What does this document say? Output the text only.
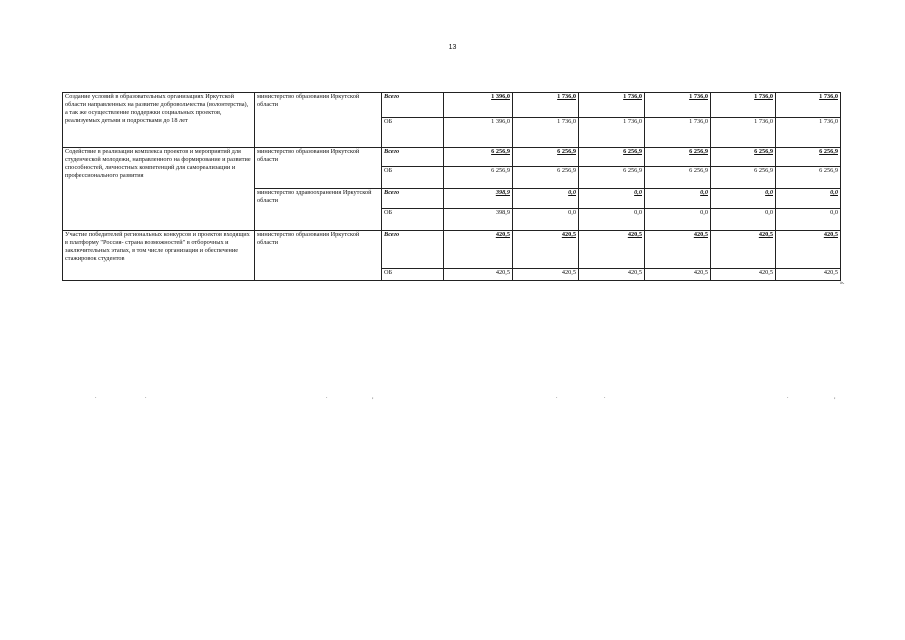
13
Создание условий в образовательных организациях Иркутской области направленных на развитие добровольчества (волонтерства), а так же осуществление поддержки социальных проектов, реализуемых детьми и подростками до 18 лет	министерство образования Иркутской области	Всего	1 396,0	1 736,0	1 736,0	1 736,0	1 736,0	1 736,0
		ОБ	1 396,0	1 736,0	1 736,0	1 736,0	1 736,0	1 736,0
Содействие в реализации комплекса проектов и мероприятий для студенческой молодежи, направленного на формирование и развитие способностей, личностных компетенций для самореализации и профессионального развития	министерство образования Иркутской области	Всего	6 256,9	6 256,9	6 256,9	6 256,9	6 256,9	6 256,9
		ОБ	6 256,9	6 256,9	6 256,9	6 256,9	6 256,9	6 256,9
	министерство здравоохранения Иркутской области	Всего	398,9	0,0	0,0	0,0	0,0	0,0
		ОБ	398,9	0,0	0,0	0,0	0,0	0,0
Участие победителей региональных конкурсов и проектов входящих в платформу "Россия- страна возможностей" в отборочных и заключительных этапах, в том числе организация и обеспечение стажировок студентов	министерство образования Иркутской области	Всего	420,5	420,5	420,5	420,5	420,5	420,5
		ОБ	420,5	420,5	420,5	420,5	420,5	420,5
».
.	.	.	,	.	.	.	,
